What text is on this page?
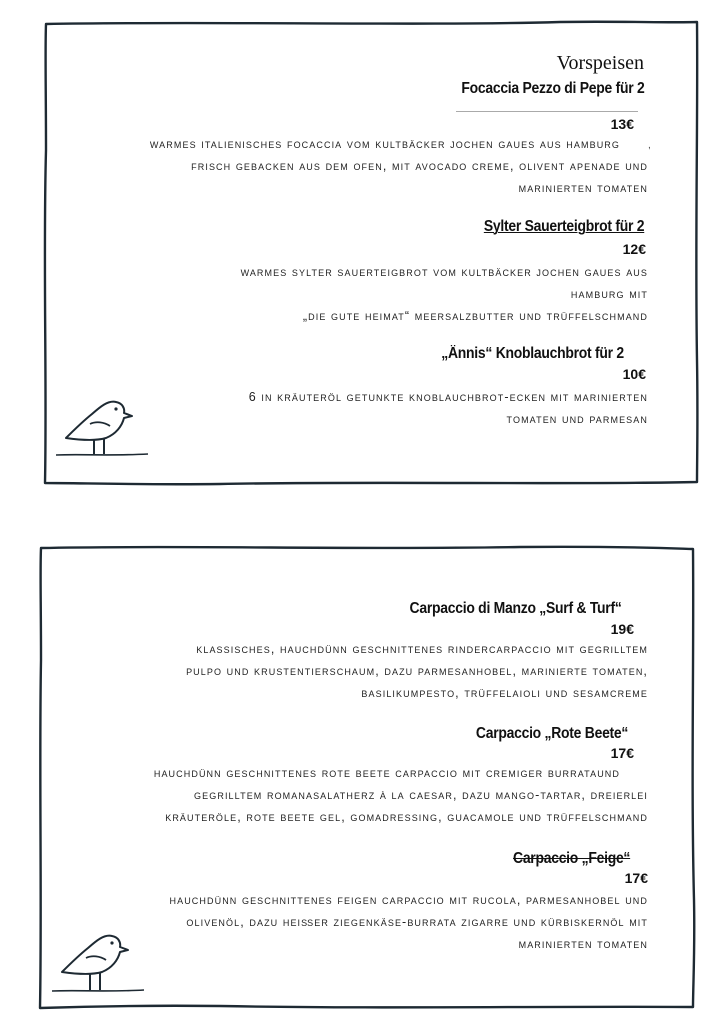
Vorspeisen
Focaccia Pezzo di Pepe für 2
13€
,
warmes italienisches focaccia vom kultbäcker jochen gaues aus hamburg
frisch gebacken aus dem ofen, mit avocado creme, olivent apenade und
marinierten tomaten
Sylter Sauerteigbrot für 2
12€
warmes sylter sauerteigbrot vom kultbäcker jochen gaues aus
hamburg mit
„die gute heimat“ meersalzbutter und trüffelschmand
„Ännis“ Knoblauchbrot für 2
10€
6 in kräuteröl getunkte knoblauchbrot-ecken mit marinierten
tomaten und parmesan
Carpaccio di Manzo „Surf & Turf“
19€
klassisches, hauchdünn geschnittenes rindercarpaccio mit gegrilltem
pulpo und krustentierschaum, dazu parmesanhobel, marinierte tomaten,
basilikumpesto, trüffelaioli und sesamcreme
Carpaccio „Rote Beete“
17€
hauchdünn geschnittenes rote beete carpaccio mit cremiger burrataund
gegrilltem romanasalatherz à la caesar, dazu mango-tartar, dreierlei
kräuteröle, rote beete gel, gomadressing, guacamole und trüffelschmand
Carpaccio „Feige“
17€
hauchdünn geschnittenes feigen carpaccio mit rucola, parmesanhobel und
olivenöl, dazu heißer ziegenkäse-burrata zigarre und kürbiskernöl mit
marinierten tomaten
